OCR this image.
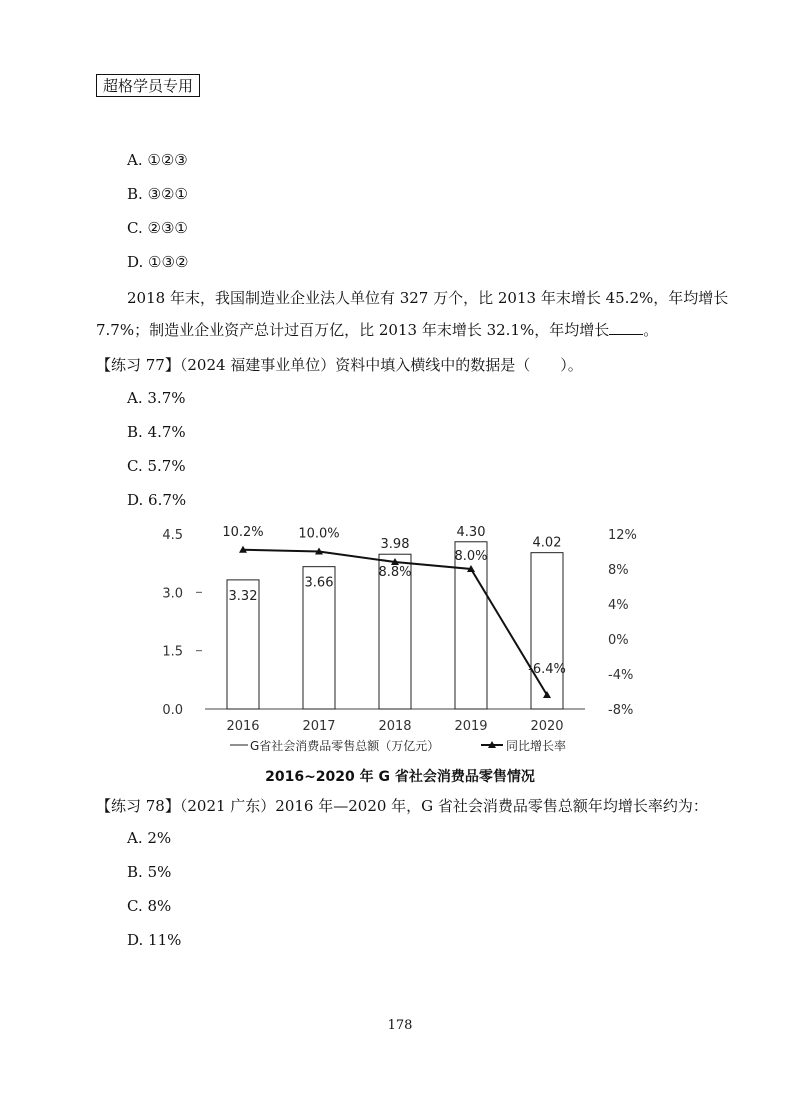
超格学员专用
A. ①②③
B. ③②①
C. ②③①
D. ①③②
2018 年末，我国制造业企业法人单位有 327 万个，比 2013 年末增长 45.2%，年均增长
7.7%；制造业企业资产总计过百万亿，比 2013 年末增长 32.1%，年均增长 。
【练习 77】（2024 福建事业单位）资料中填入横线中的数据是（　　）。
A. 3.7%
B. 4.7%
C. 5.7%
D. 6.7%
0.0
1.5
3.0
4.5
-8%
-4%
0%
4%
8%
12%
3.32
3.66
3.98
4.30
4.02
2016	2017	2018	2019	2020
10.2%	10.0%
8.8%
8.0%
-6.4%
G省社会消费品零售总额（万亿元）	同比增长率
2016~2020 年 G 省社会消费品零售情况
【练习 78】（2021 广东）2016 年—2020 年，G 省社会消费品零售总额年均增长率约为：
A. 2%
B. 5%
C. 8%
D. 11%
178
